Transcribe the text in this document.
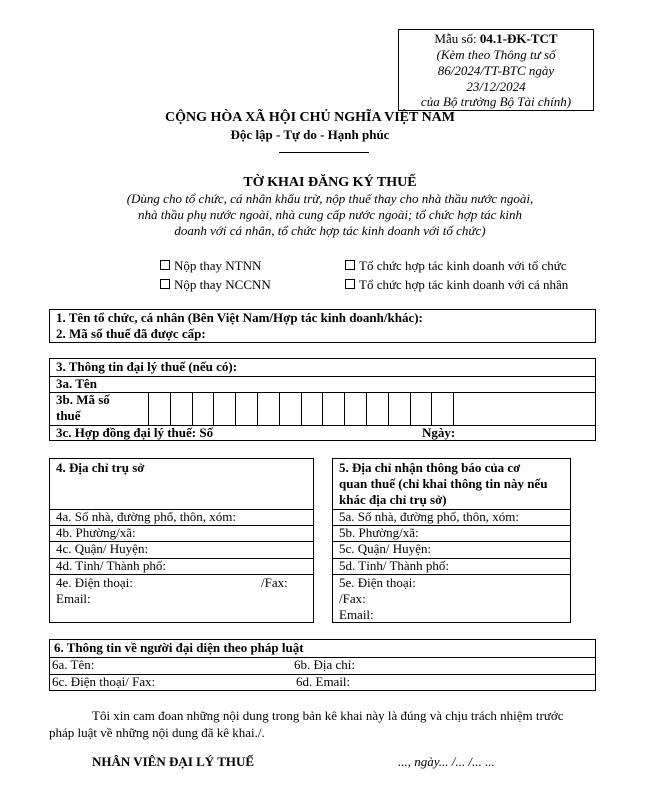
Mẫu số: 04.1-ĐK-TCT
(Kèm theo Thông tư số
86/2024/TT-BTC ngày
23/12/2024
của Bộ trưởng Bộ Tài chính)
CỘNG HÒA XÃ HỘI CHỦ NGHĨA VIỆT NAM
Độc lập - Tự do - Hạnh phúc
TỜ KHAI ĐĂNG KÝ THUẾ
(Dùng cho tổ chức, cá nhân khấu trừ, nộp thuế thay cho nhà thầu nước ngoài,
nhà thầu phụ nước ngoài, nhà cung cấp nước ngoài; tổ chức hợp tác kinh
doanh với cá nhân, tổ chức hợp tác kinh doanh với tổ chức)
Nộp thay NTNN	Tổ chức hợp tác kinh doanh với tổ chức
Nộp thay NCCNN	Tổ chức hợp tác kinh doanh với cá nhân
1. Tên tổ chức, cá nhân (Bên Việt Nam/Hợp tác kinh doanh/khác):
2. Mã số thuế đã được cấp:
3. Thông tin đại lý thuế (nếu có):
3a. Tên
3b. Mã số
thuế
3c. Hợp đồng đại lý thuế: Số	Ngày:
4. Địa chỉ trụ sở
4a. Số nhà, đường phố, thôn, xóm:
4b. Phường/xã:
4c. Quận/ Huyện:
4d. Tỉnh/ Thành phố:
4e. Điện thoại:	/Fax:
Email:
5. Địa chỉ nhận thông báo của cơ
quan thuế (chỉ khai thông tin này nếu
khác địa chỉ trụ sở)
5a. Số nhà, đường phố, thôn, xóm:
5b. Phường/xã:
5c. Quận/ Huyện:
5d. Tỉnh/ Thành phố:
5e. Điện thoại:
/Fax:
Email:
6. Thông tin về người đại diện theo pháp luật
6a. Tên:	6b. Địa chỉ:
6c. Điện thoại/ Fax:	6d. Email:
Tôi xin cam đoan những nội dung trong bản kê khai này là đúng và chịu trách nhiệm trước
pháp luật về những nội dung đã kê khai./.
NHÂN VIÊN ĐẠI LÝ THUẾ	..., ngày... /... /... ...
